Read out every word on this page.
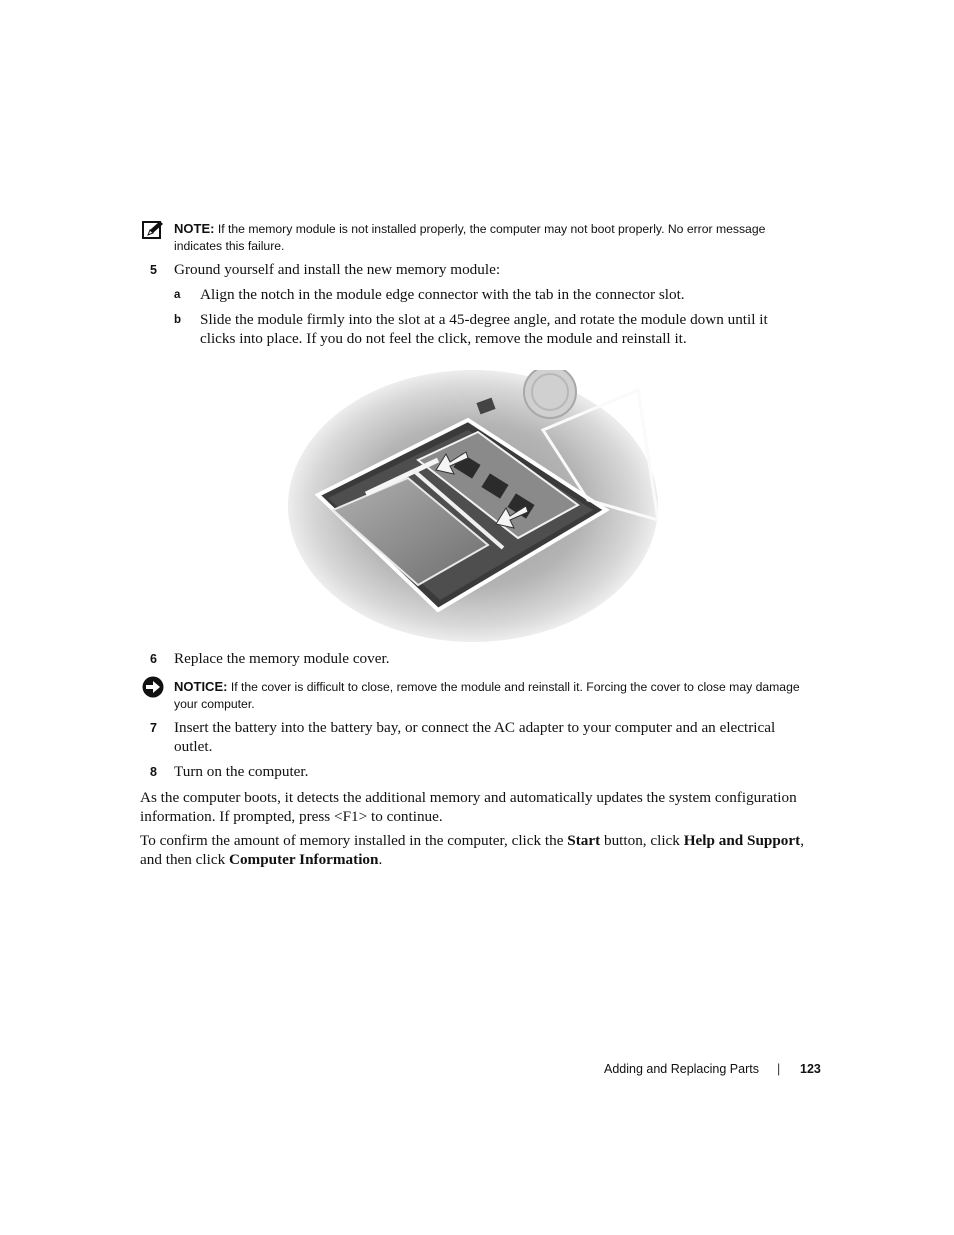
NOTE: If the memory module is not installed properly, the computer may not boot properly. No error message indicates this failure.
5 Ground yourself and install the new memory module:
a Align the notch in the module edge connector with the tab in the connector slot.
b Slide the module firmly into the slot at a 45-degree angle, and rotate the module down until it clicks into place. If you do not feel the click, remove the module and reinstall it.
6 Replace the memory module cover.
NOTICE: If the cover is difficult to close, remove the module and reinstall it. Forcing the cover to close may damage your computer.
7 Insert the battery into the battery bay, or connect the AC adapter to your computer and an electrical outlet.
8 Turn on the computer.
As the computer boots, it detects the additional memory and automatically updates the system configuration information. If prompted, press <F1> to continue.
To confirm the amount of memory installed in the computer, click the Start button, click Help and Support, and then click Computer Information.
Adding and Replacing Parts | 123
